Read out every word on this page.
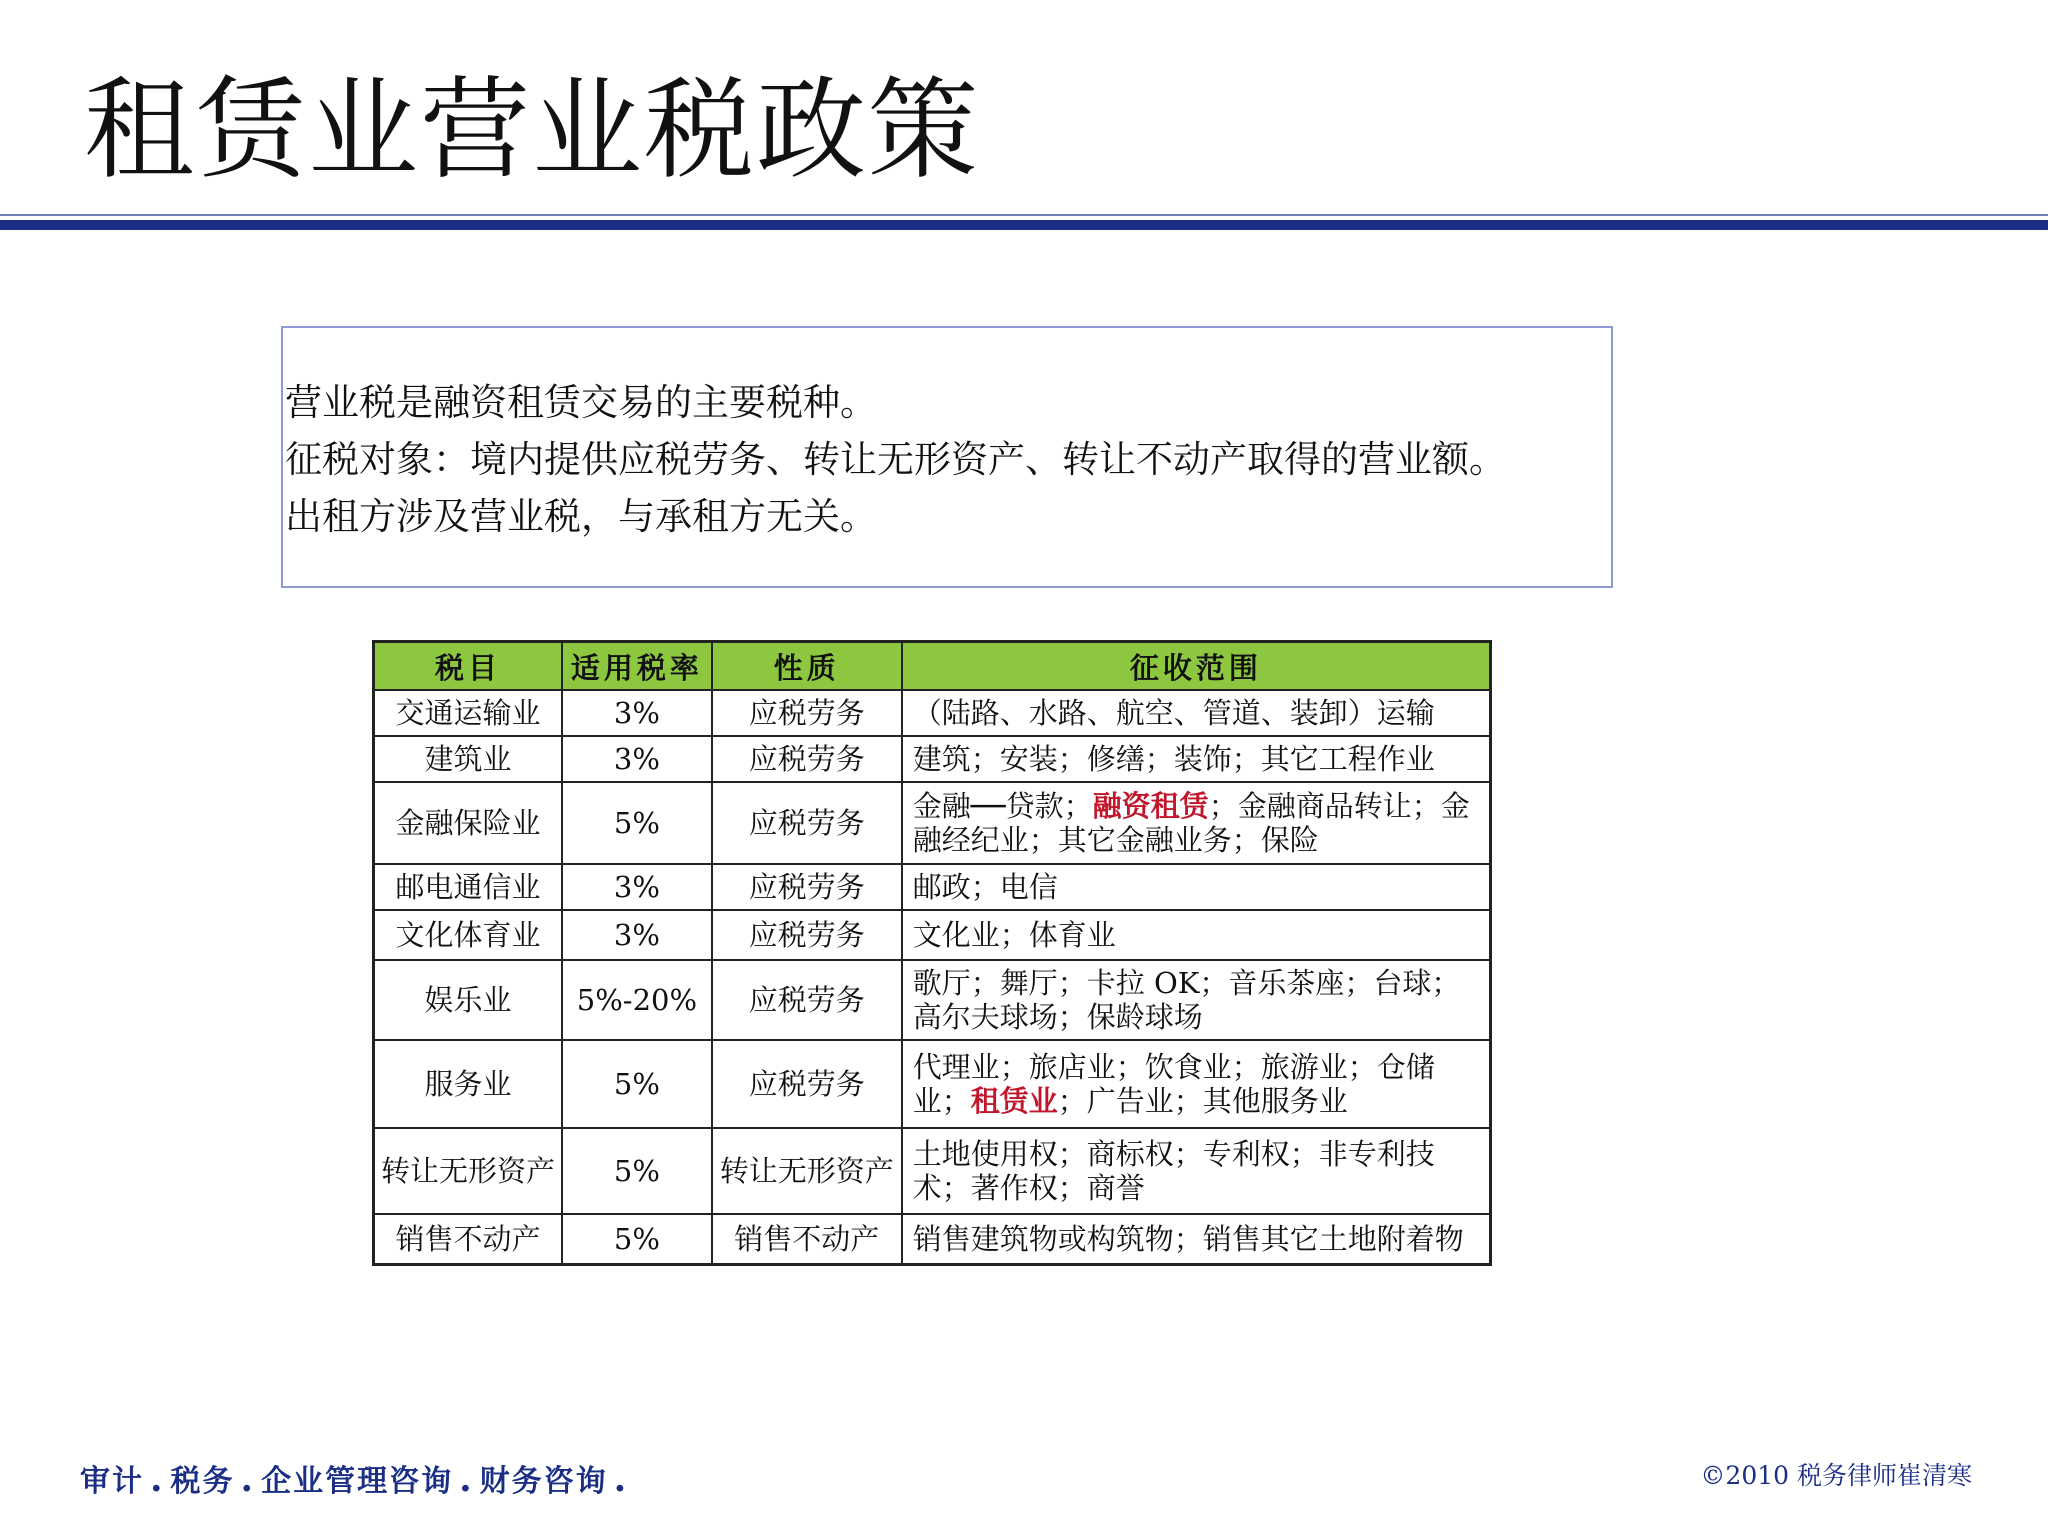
租赁业营业税政策
营业税是融资租赁交易的主要税种。
征税对象：境内提供应税劳务、转让无形资产、转让不动产取得的营业额。
出租方涉及营业税，与承租方无关。
税目	适用税率	性质	征收范围
交通运输业	3%	应税劳务	（陆路、水路、航空、管道、装卸）运输
建筑业	3%	应税劳务	建筑；安装；修缮；装饰；其它工程作业
金融保险业	5%	应税劳务	金融──贷款；融资租赁；金融商品转让；金融经纪业；其它金融业务；保险
邮电通信业	3%	应税劳务	邮政；电信
文化体育业	3%	应税劳务	文化业；体育业
娱乐业	5%-20%	应税劳务	歌厅；舞厅；卡拉 OK；音乐茶座；台球；高尔夫球场；保龄球场
服务业	5%	应税劳务	代理业；旅店业；饮食业；旅游业；仓储业；租赁业；广告业；其他服务业
转让无形资产	5%	转让无形资产	土地使用权；商标权；专利权；非专利技术；著作权；商誉
销售不动产	5%	销售不动产	销售建筑物或构筑物；销售其它土地附着物
审计 . 税务 . 企业管理咨询 . 财务咨询 .	©2010 税务律师崔清寒
